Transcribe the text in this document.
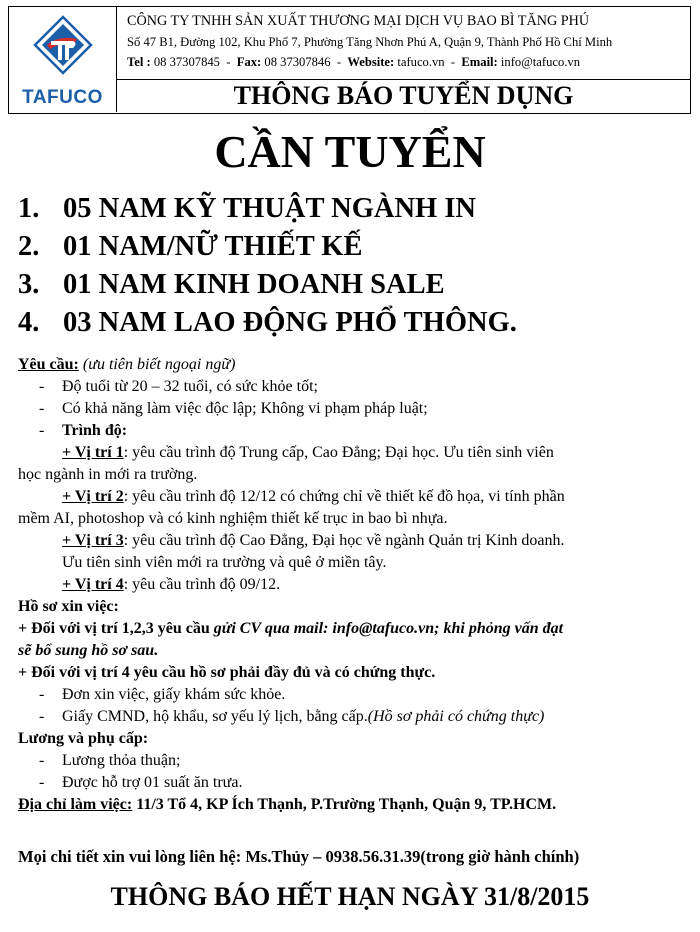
TAFUCO
CÔNG TY TNHH SẢN XUẤT THƯƠNG MẠI DỊCH VỤ BAO BÌ TĂNG PHÚ
Số 47 B1, Đường 102, Khu Phố 7, Phường Tăng Nhơn Phú A, Quận 9, Thành Phố Hồ Chí Minh
Tel : 08 37307845  -  Fax: 08 37307846  -  Website: tafuco.vn  -  Email: info@tafuco.vn
THÔNG BÁO TUYỂN DỤNG
CẦN TUYỂN
1. 05 NAM KỸ THUẬT NGÀNH IN
2. 01 NAM/NỮ THIẾT KẾ
3. 01 NAM KINH DOANH SALE
4. 03 NAM LAO ĐỘNG PHỔ THÔNG.
Yêu cầu: (ưu tiên biết ngoại ngữ)
- Độ tuổi từ 20 – 32 tuổi, có sức khỏe tốt;
- Có khả năng làm việc độc lập; Không vi phạm pháp luật;
- Trình độ:
+ Vị trí 1: yêu cầu trình độ Trung cấp, Cao Đẳng; Đại học. Ưu tiên sinh viên
học ngành in mới ra trường.
+ Vị trí 2: yêu cầu trình độ 12/12 có chứng chỉ về thiết kế đồ họa, vi tính phần
mềm AI, photoshop và có kinh nghiệm thiết kế trục in bao bì nhựa.
+ Vị trí 3: yêu cầu trình độ Cao Đẳng, Đại học về ngành Quản trị Kinh doanh.
Ưu tiên sinh viên mới ra trường và quê ở miền tây.
+ Vị trí 4: yêu cầu trình độ 09/12.
Hồ sơ xin việc:
+ Đối với vị trí 1,2,3 yêu cầu gửi CV qua mail: info@tafuco.vn; khi phỏng vấn đạt
sẽ bổ sung hồ sơ sau.
+ Đối với vị trí 4 yêu cầu hồ sơ phải đầy đủ và có chứng thực.
- Đơn xin việc, giấy khám sức khỏe.
- Giấy CMND, hộ khẩu, sơ yếu lý lịch, bằng cấp.(Hồ sơ phải có chứng thực)
Lương và phụ cấp:
- Lương thỏa thuận;
- Được hỗ trợ 01 suất ăn trưa.
Địa chỉ làm việc: 11/3 Tổ 4, KP Ích Thạnh, P.Trường Thạnh, Quận 9, TP.HCM.
Mọi chi tiết xin vui lòng liên hệ: Ms.Thủy – 0938.56.31.39(trong giờ hành chính)
THÔNG BÁO HẾT HẠN NGÀY 31/8/2015
